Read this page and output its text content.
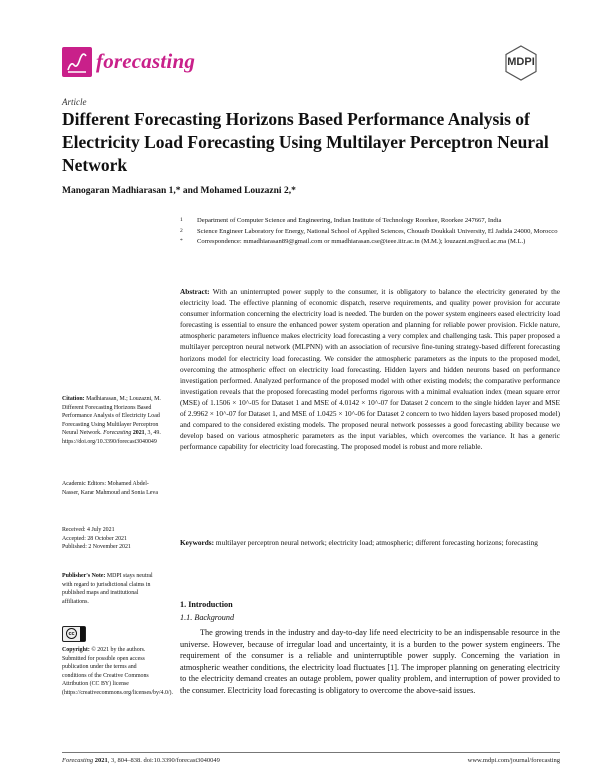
forecasting	MDPI
Article
Different Forecasting Horizons Based Performance Analysis of Electricity Load Forecasting Using Multilayer Perceptron Neural Network
Manogaran Madhiarasan 1,* and Mohamed Louzazni 2,*
1 Department of Computer Science and Engineering, Indian Institute of Technology Roorkee, Roorkee 247667, India
2 Science Engineer Laboratory for Energy, National School of Applied Sciences, Chouaib Doukkali University, El Jadida 24000, Morocco
* Correspondence: mmadhiarasan89@gmail.com or mmadhiarasan.cse@ieee.iitr.ac.in (M.M.); louzazni.m@ucd.ac.ma (M.L.)
Abstract: With an uninterrupted power supply to the consumer, it is obligatory to balance the electricity generated by the electricity load. The effective planning of economic dispatch, reserve requirements, and quality power provision for accurate consumer information concerning the electricity load is needed. The burden on the power system engineers eased electricity load forecasting is essential to ensure the enhanced power system operation and planning for reliable power provision. Fickle nature, atmospheric parameters influence makes electricity load forecasting a very complex and challenging task. This paper proposed a multilayer perceptron neural network (MLPNN) with an association of recursive fine-tuning strategy-based different forecasting horizons model for electricity load forecasting. We consider the atmospheric parameters as the inputs to the proposed model, overcoming the atmospheric effect on electricity load forecasting. Hidden layers and hidden neurons based on performance investigation performed. Analyzed performance of the proposed model with other existing models; the comparative performance investigation reveals that the proposed forecasting model performs rigorous with a minimal evaluation index (mean square error (MSE) of 1.1506 × 10^-05 for Dataset 1 and MSE of 4.0142 × 10^-07 for Dataset 2 concern to the single hidden layer and MSE of 2.9962 × 10^-07 for Dataset 1, and MSE of 1.0425 × 10^-06 for Dataset 2 concern to two hidden layers based proposed model) and compared to the considered existing models. The proposed neural network possesses a good forecasting ability because we develop based on various atmospheric parameters as the input variables, which overcomes the variance. It has a generic performance capability for electricity load forecasting. The proposed model is robust and more reliable.
Keywords: multilayer perceptron neural network; electricity load; atmospheric; different forecasting horizons; forecasting
Citation: Madhiarasan, M.; Louzazni, M. Different Forecasting Horizons Based Performance Analysis of Electricity Load Forecasting Using Multilayer Perceptron Neural Network. Forecasting 2021, 3, 49. https://doi.org/10.3390/forecast3040049
Academic Editors: Mohamed Abdel-Nasser, Karar Mahmoud and Sonia Leva
Received: 4 July 2021
Accepted: 28 October 2021
Published: 2 November 2021
Publisher's Note: MDPI stays neutral with regard to jurisdictional claims in published maps and institutional affiliations.
cc
Copyright: © 2021 by the authors. Submitted for possible open access publication under the terms and conditions of the Creative Commons Attribution (CC BY) license (https://creativecommons.org/licenses/by/4.0/).
1. Introduction
1.1. Background
The growing trends in the industry and day-to-day life need electricity to be an indispensable resource in the universe. However, because of irregular load and uncertainty, it is a burden to the power system engineers. The requirement of the consumer is a reliable and uninterruptible power supply. Concerning the variation in atmospheric weather conditions, the electricity load fluctuates [1]. The improper planning on generating electricity to the electricity demand creates an outage problem, power quality problem, and interruption of power provided to the consumer. Electricity load forecasting is obligatory to overcome the above-said issues.
Forecasting 2021, 3, 804–838. doi:10.3390/forecast3040049	www.mdpi.com/journal/forecasting
